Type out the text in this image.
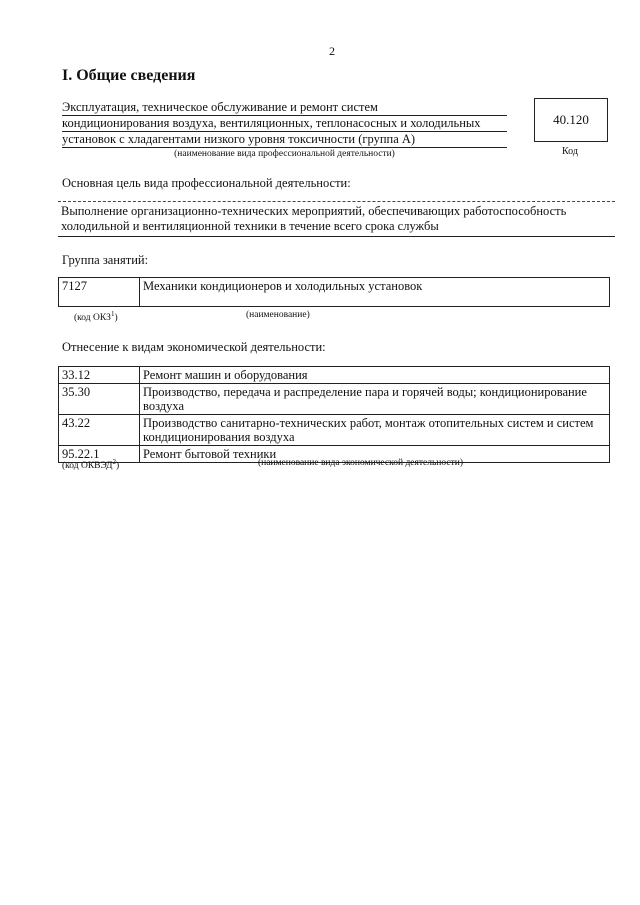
2
I. Общие сведения
Эксплуатация, техническое обслуживание и ремонт систем
кондиционирования воздуха, вентиляционных, теплонасосных и холодильных
установок с хладагентами низкого уровня токсичности (группа А)
(наименование вида профессиональной деятельности)
40.120
Код
Основная цель вида профессиональной деятельности:
Выполнение организационно-технических мероприятий, обеспечивающих работоспособность холодильной и вентиляционной техники в течение всего срока службы
Группа занятий:
7127	Механики кондиционеров и холодильных установок
(код ОКЗ$^1$)	(наименование)
Отнесение к видам экономической деятельности:
33.12	Ремонт машин и оборудования
35.30	Производство, передача и распределение пара и горячей воды; кондиционирование воздуха
43.22	Производство санитарно-технических работ, монтаж отопительных систем и систем кондиционирования воздуха
95.22.1	Ремонт бытовой техники
(код ОКВЭД$^2$)	(наименование вида экономической деятельности)
